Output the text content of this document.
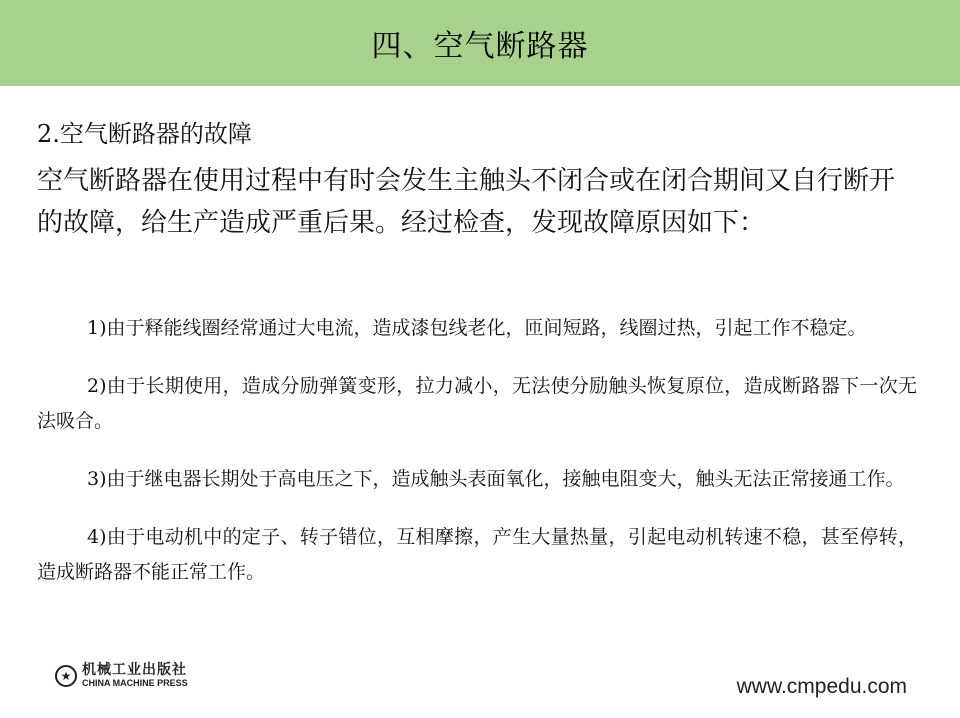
四、空气断路器
2.空气断路器的故障
空气断路器在使用过程中有时会发生主触头不闭合或在闭合期间又自行断开的故障，给生产造成严重后果。经过检查，发现故障原因如下：

1)由于释能线圈经常通过大电流，造成漆包线老化，匝间短路，线圈过热，引起工作不稳定。

2)由于长期使用，造成分励弹簧变形，拉力减小，无法使分励触头恢复原位，造成断路器下一次无法吸合。

3)由于继电器长期处于高电压之下，造成触头表面氧化，接触电阻变大，触头无法正常接通工作。

4)由于电动机中的定子、转子错位，互相摩擦，产生大量热量，引起电动机转速不稳，甚至停转，造成断路器不能正常工作。

★ 机械工业出版社
CHINA MACHINE PRESS	www.cmpedu.com
